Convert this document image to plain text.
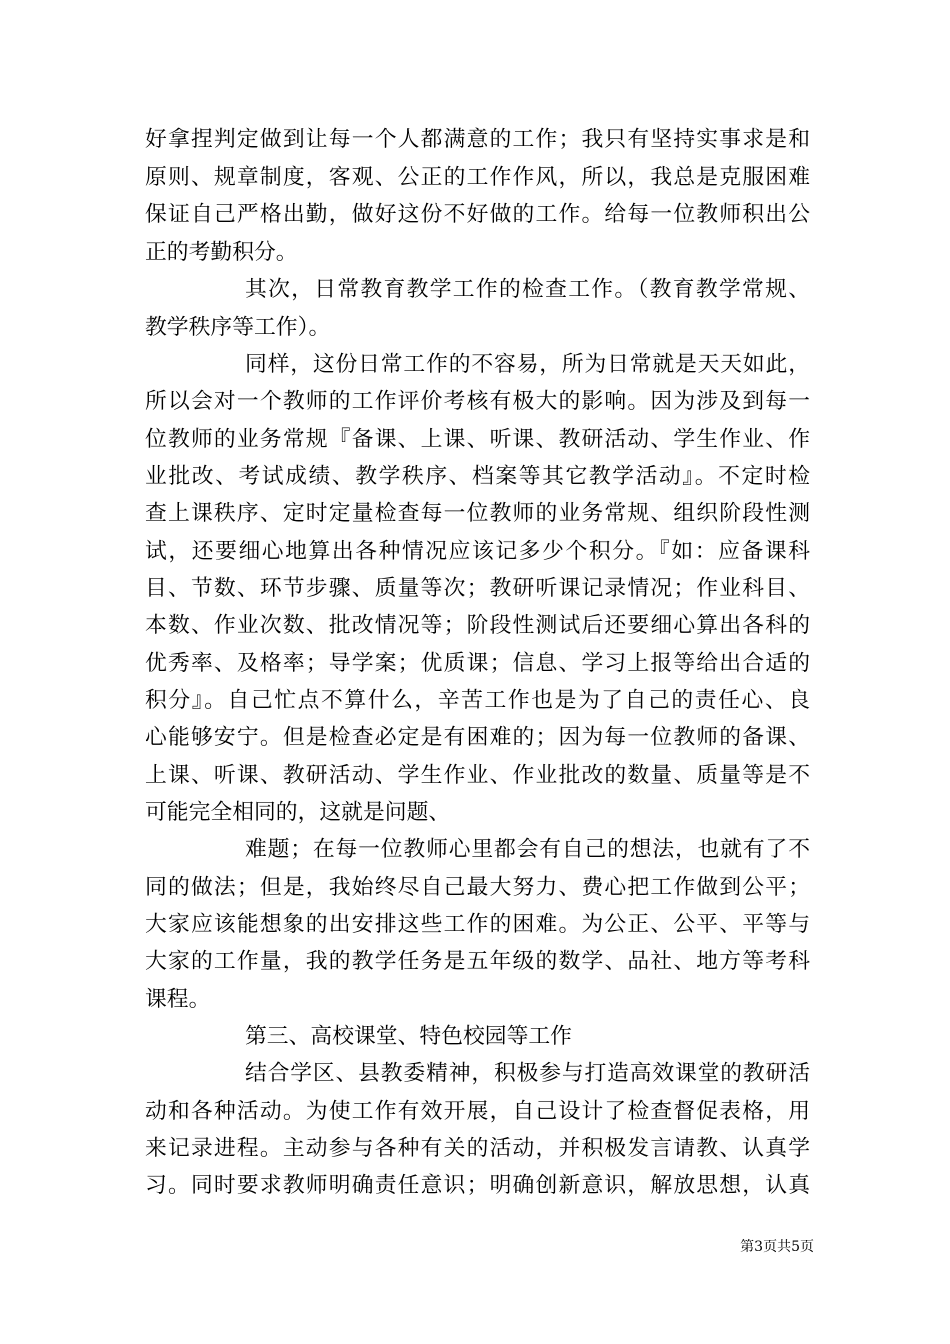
好拿捏判定做到让每一个人都满意的工作；我只有坚持实事求是和
原则、规章制度，客观、公正的工作作风，所以，我总是克服困难
保证自己严格出勤，做好这份不好做的工作。给每一位教师积出公
正的考勤积分。
其次，日常教育教学工作的检查工作。（教育教学常规、
教学秩序等工作）。
同样，这份日常工作的不容易，所为日常就是天天如此，
所以会对一个教师的工作评价考核有极大的影响。因为涉及到每一
位教师的业务常规『备课、上课、听课、教研活动、学生作业、作
业批改、考试成绩、教学秩序、档案等其它教学活动』。不定时检
查上课秩序、定时定量检查每一位教师的业务常规、组织阶段性测
试，还要细心地算出各种情况应该记多少个积分。『如：应备课科
目、节数、环节步骤、质量等次；教研听课记录情况；作业科目、
本数、作业次数、批改情况等；阶段性测试后还要细心算出各科的
优秀率、及格率；导学案；优质课；信息、学习上报等给出合适的
积分』。自己忙点不算什么，辛苦工作也是为了自己的责任心、良
心能够安宁。但是检查必定是有困难的；因为每一位教师的备课、
上课、听课、教研活动、学生作业、作业批改的数量、质量等是不
可能完全相同的，这就是问题、
难题；在每一位教师心里都会有自己的想法，也就有了不
同的做法；但是，我始终尽自己最大努力、费心把工作做到公平；
大家应该能想象的出安排这些工作的困难。为公正、公平、平等与
大家的工作量，我的教学任务是五年级的数学、品社、地方等考科
课程。
第三、高校课堂、特色校园等工作
结合学区、县教委精神，积极参与打造高效课堂的教研活
动和各种活动。为使工作有效开展，自己设计了检查督促表格，用
来记录进程。主动参与各种有关的活动，并积极发言请教、认真学
习。同时要求教师明确责任意识；明确创新意识，解放思想，认真
第3页共5页
